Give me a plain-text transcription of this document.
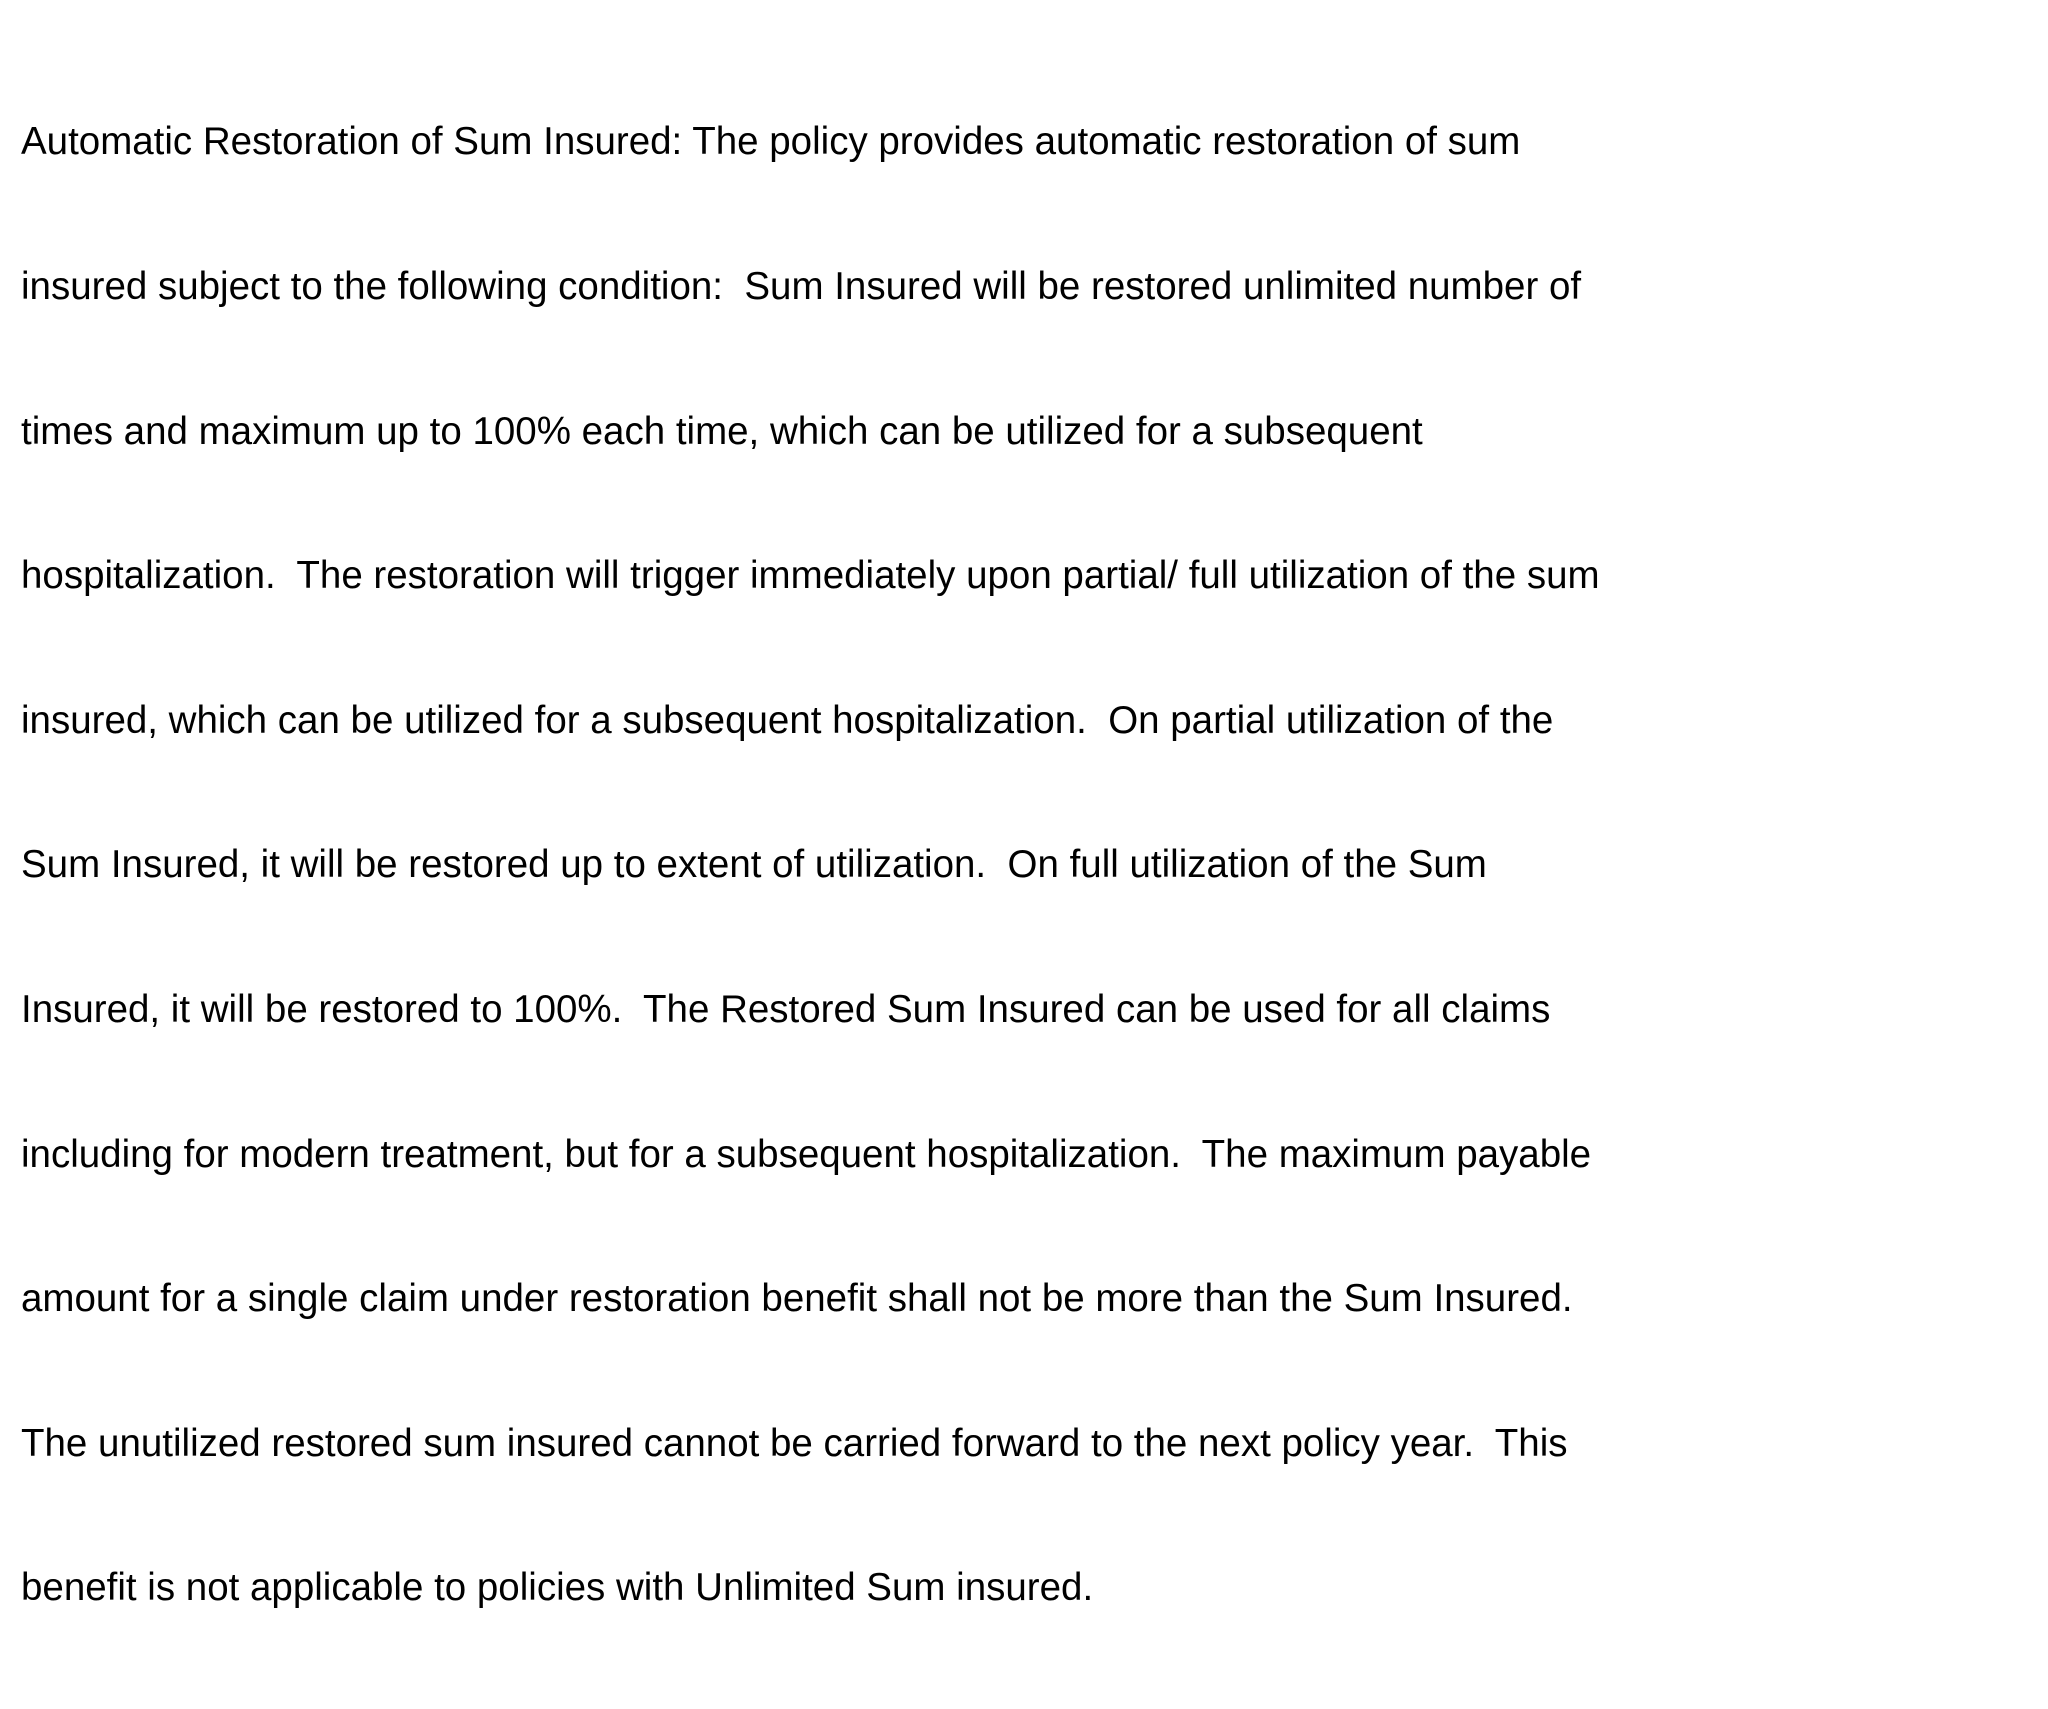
Automatic Restoration of Sum Insured: The policy provides automatic restoration of sum

insured subject to the following condition:  Sum Insured will be restored unlimited number of

times and maximum up to 100% each time, which can be utilized for a subsequent

hospitalization.  The restoration will trigger immediately upon partial/ full utilization of the sum

insured, which can be utilized for a subsequent hospitalization.  On partial utilization of the

Sum Insured, it will be restored up to extent of utilization.  On full utilization of the Sum

Insured, it will be restored to 100%.  The Restored Sum Insured can be used for all claims

including for modern treatment, but for a subsequent hospitalization.  The maximum payable

amount for a single claim under restoration benefit shall not be more than the Sum Insured.

The unutilized restored sum insured cannot be carried forward to the next policy year.  This

benefit is not applicable to policies with Unlimited Sum insured.
